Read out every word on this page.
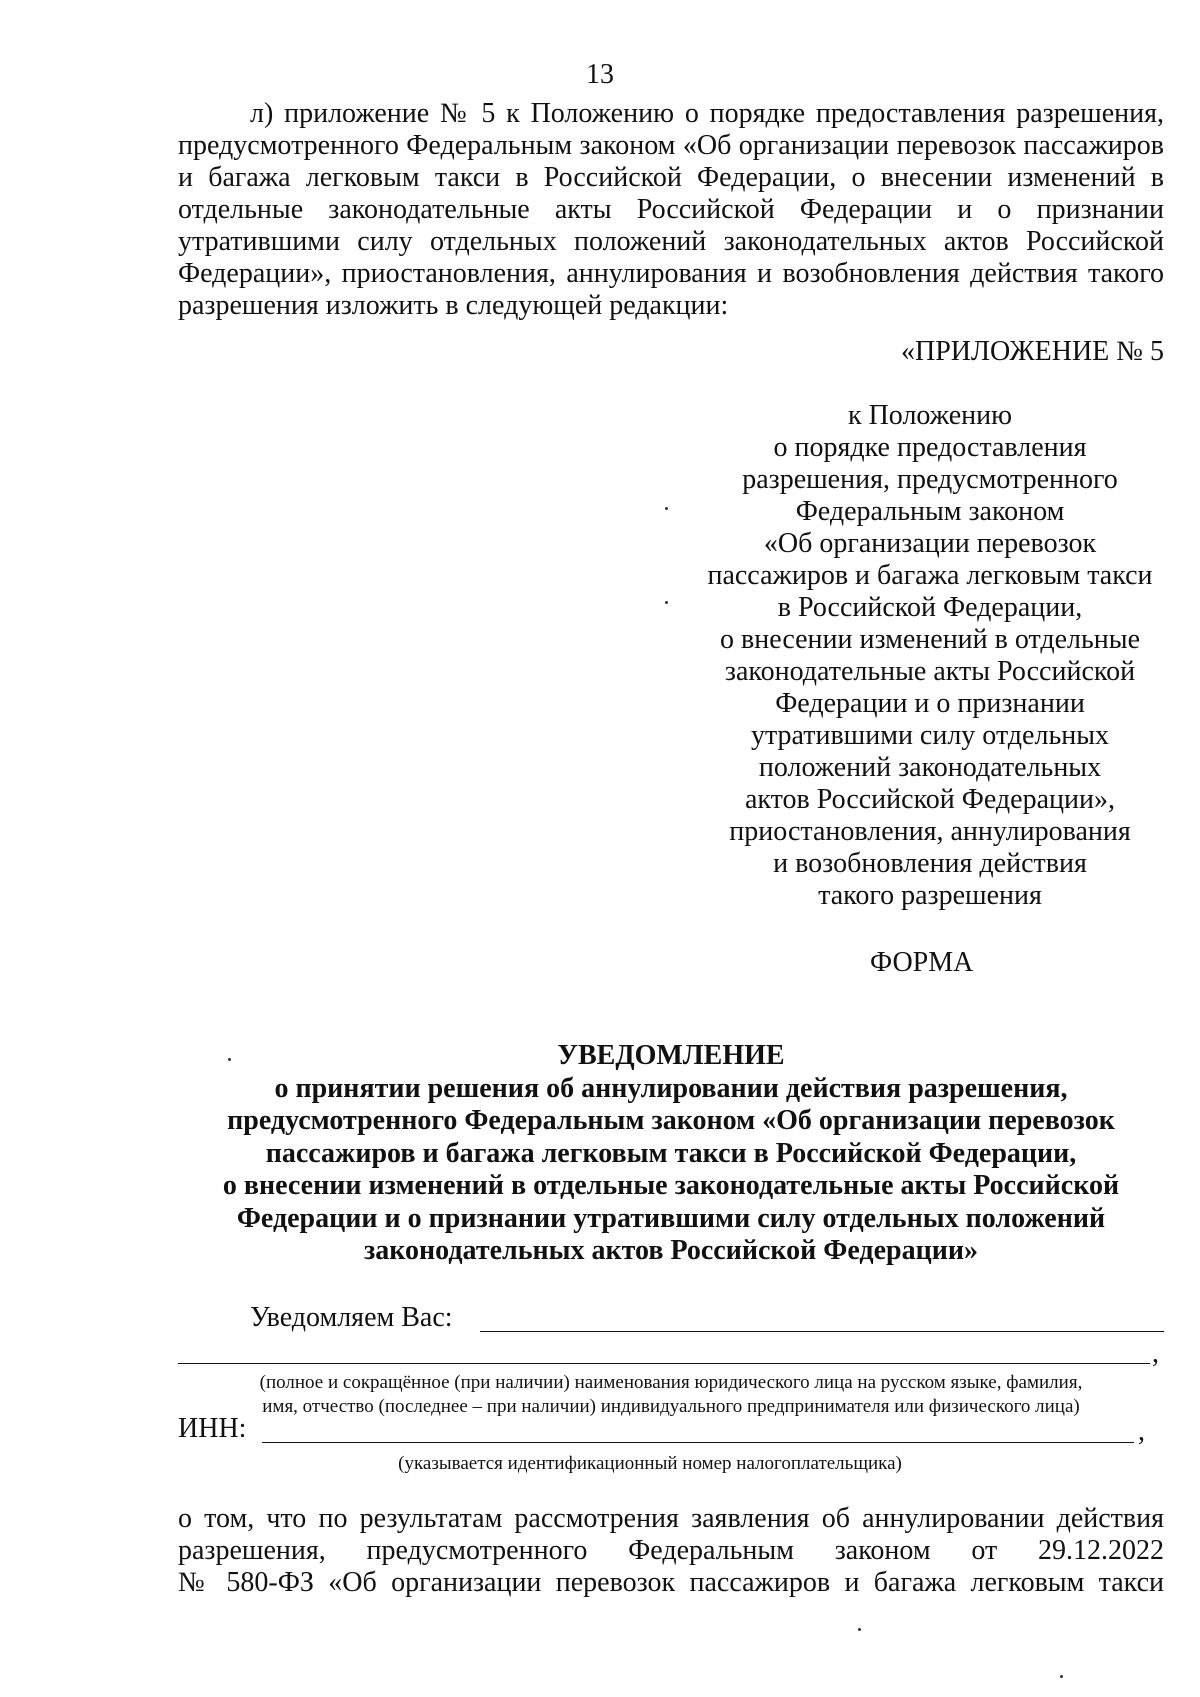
13

л) приложение № 5 к Положению о порядке предоставления разрешения, предусмотренного Федеральным законом «Об организации перевозок пассажиров и багажа легковым такси в Российской Федерации, о внесении изменений в отдельные законодательные акты Российской Федерации и о признании утратившими силу отдельных положений законодательных актов Российской Федерации», приостановления, аннулирования и возобновления действия такого разрешения изложить в следующей редакции:

«ПРИЛОЖЕНИЕ № 5
к Положению
о порядке предоставления
разрешения, предусмотренного
Федеральным законом
«Об организации перевозок
пассажиров и багажа легковым такси
в Российской Федерации,
о внесении изменений в отдельные
законодательные акты Российской
Федерации и о признании
утратившими силу отдельных
положений законодательных
актов Российской Федерации»,
приостановления, аннулирования
и возобновления действия
такого разрешения
ФОРМА
УВЕДОМЛЕНИЕ
о принятии решения об аннулировании действия разрешения,
предусмотренного Федеральным законом «Об организации перевозок
пассажиров и багажа легковым такси в Российской Федерации,
о внесении изменений в отдельные законодательные акты Российской
Федерации и о признании утратившими силу отдельных положений
законодательных актов Российской Федерации»
Уведомляем Вас:
,
(полное и сокращённое (при наличии) наименования юридического лица на русском языке, фамилия,
имя, отчество (последнее – при наличии) индивидуального предпринимателя или физического лица)
ИНН:	,
(указывается идентификационный номер налогоплательщика)
о том, что по результатам рассмотрения заявления об аннулировании действия
разрешения, предусмотренного Федеральным законом от 29.12.2022
№ 580-ФЗ «Об организации перевозок пассажиров и багажа легковым такси
